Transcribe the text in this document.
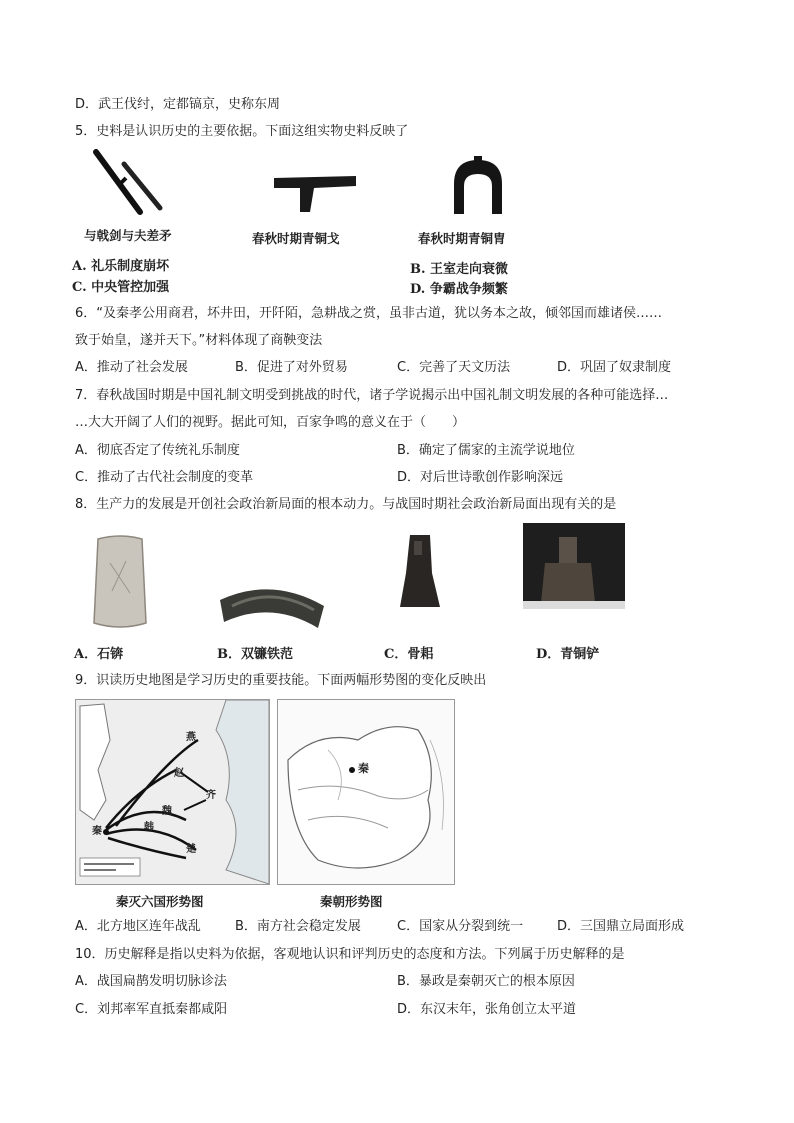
D．武王伐纣，定都镐京，史称东周
5．史料是认识历史的主要依据。下面这组实物史料反映了
与戟剑与夫差矛	春秋时期青铜戈	春秋时期青铜胄
A. 礼乐制度崩坏	B. 王室走向衰微
C. 中央管控加强	D. 争霸战争频繁
6．“及秦孝公用商君，坏井田，开阡陌，急耕战之赏，虽非古道，犹以务本之故，倾邻国而雄诸侯……
致于始皇，遂并天下。”材料体现了商鞅变法
A．推动了社会发展	B．促进了对外贸易	C．完善了天文历法	D．巩固了奴隶制度
7．春秋战国时期是中国礼制文明受到挑战的时代，诸子学说揭示出中国礼制文明发展的各种可能选择…
…大大开阔了人们的视野。据此可知，百家争鸣的意义在于（　　）
A．彻底否定了传统礼乐制度	B．确定了儒家的主流学说地位
C．推动了古代社会制度的变革	D．对后世诗歌创作影响深远
8．生产力的发展是开创社会政治新局面的根本动力。与战国时期社会政治新局面出现有关的是
A．石锛	B．双镰铁范	C．骨耜	D．青铜铲
9．识读历史地图是学习历史的重要技能。下面两幅形势图的变化反映出
燕
赵
齐
秦	韩
魏
楚
秦灭六国形势图
秦
秦朝形势图
A．北方地区连年战乱	B．南方社会稳定发展	C．国家从分裂到统一	D．三国鼎立局面形成
10．历史解释是指以史料为依据，客观地认识和评判历史的态度和方法。下列属于历史解释的是
A．战国扁鹊发明切脉诊法	B．暴政是秦朝灭亡的根本原因
C．刘邦率军直抵秦都咸阳	D．东汉末年，张角创立太平道
